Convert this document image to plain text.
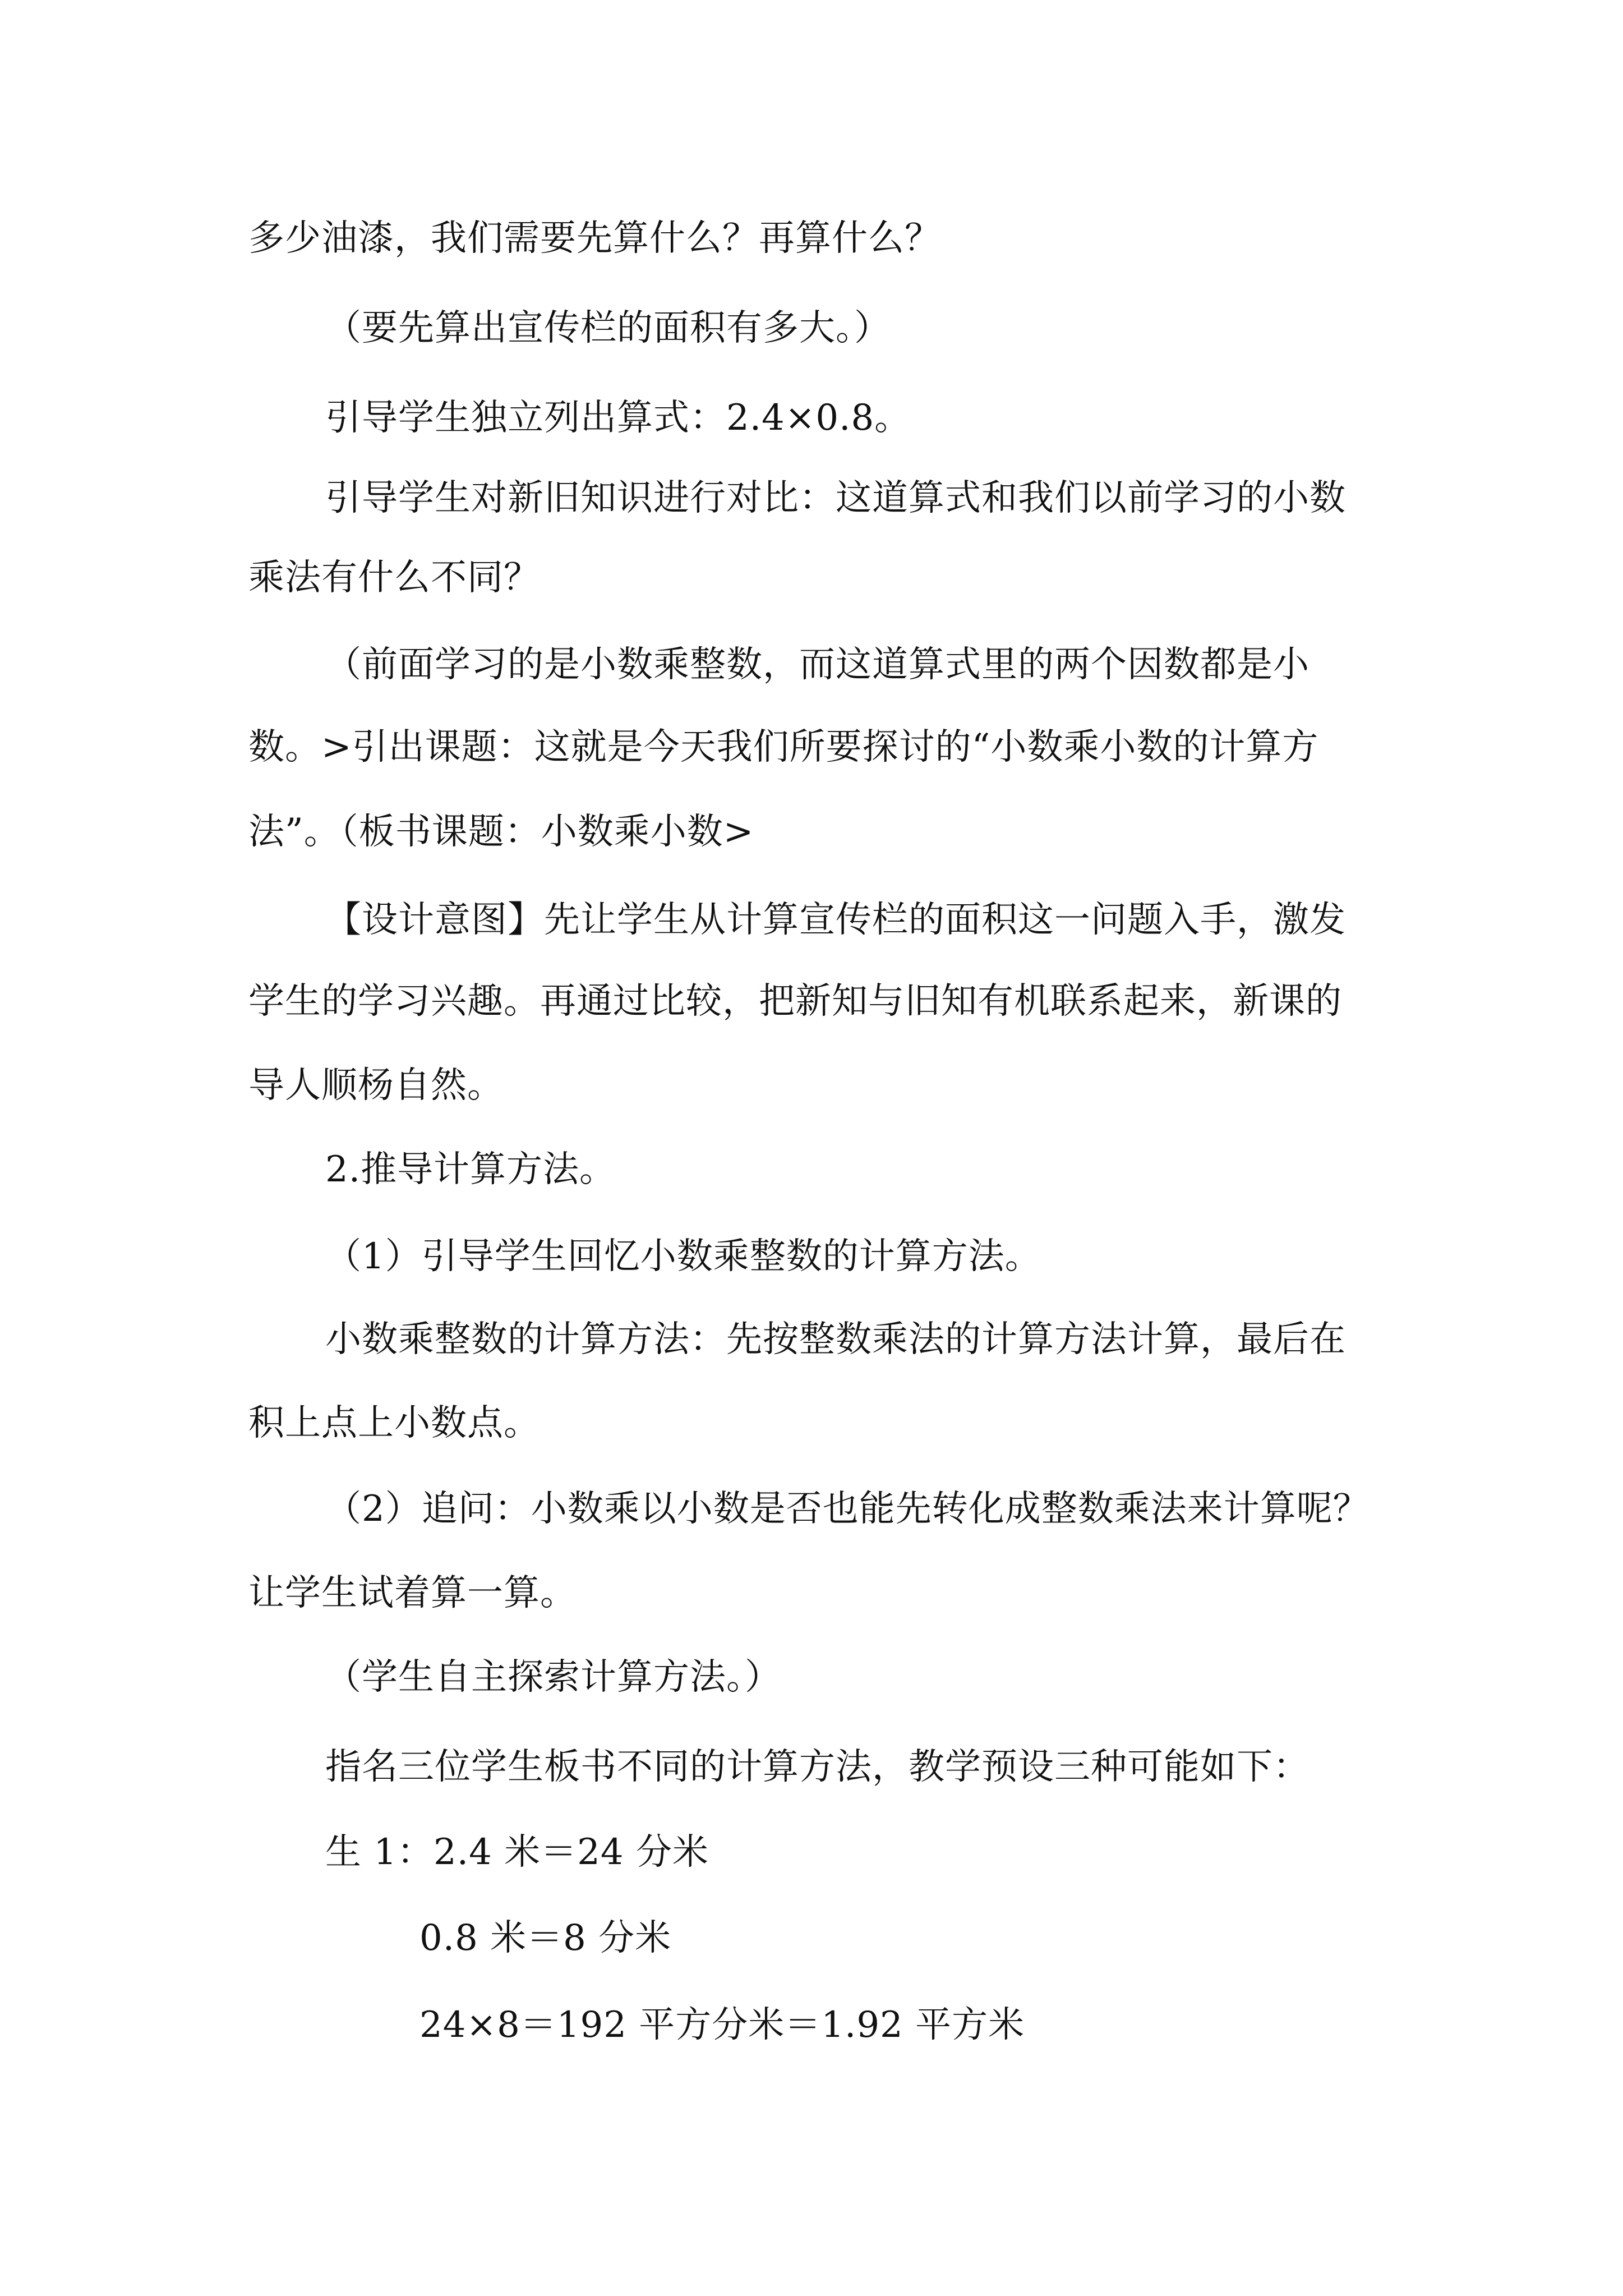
多少油漆，我们需要先算什么？再算什么？
（要先算出宣传栏的面积有多大。）
引导学生独立列出算式：2.4×0.8。
引导学生对新旧知识进行对比：这道算式和我们以前学习的小数
乘法有什么不同？
（前面学习的是小数乘整数，而这道算式里的两个因数都是小
数。>引出课题：这就是今天我们所要探讨的“小数乘小数的计算方
法”。（板书课题：小数乘小数>
【设计意图】先让学生从计算宣传栏的面积这一问题入手，激发
学生的学习兴趣。再通过比较，把新知与旧知有机联系起来，新课的
导人顺杨自然。
2.推导计算方法。
（1）引导学生回忆小数乘整数的计算方法。
小数乘整数的计算方法：先按整数乘法的计算方法计算，最后在
积上点上小数点。
（2）追问：小数乘以小数是否也能先转化成整数乘法来计算呢？
让学生试着算一算。
（学生自主探索计算方法。）
指名三位学生板书不同的计算方法，教学预设三种可能如下：
生 1：2.4 米＝24 分米
0.8 米＝8 分米
24×8＝192 平方分米＝1.92 平方米
